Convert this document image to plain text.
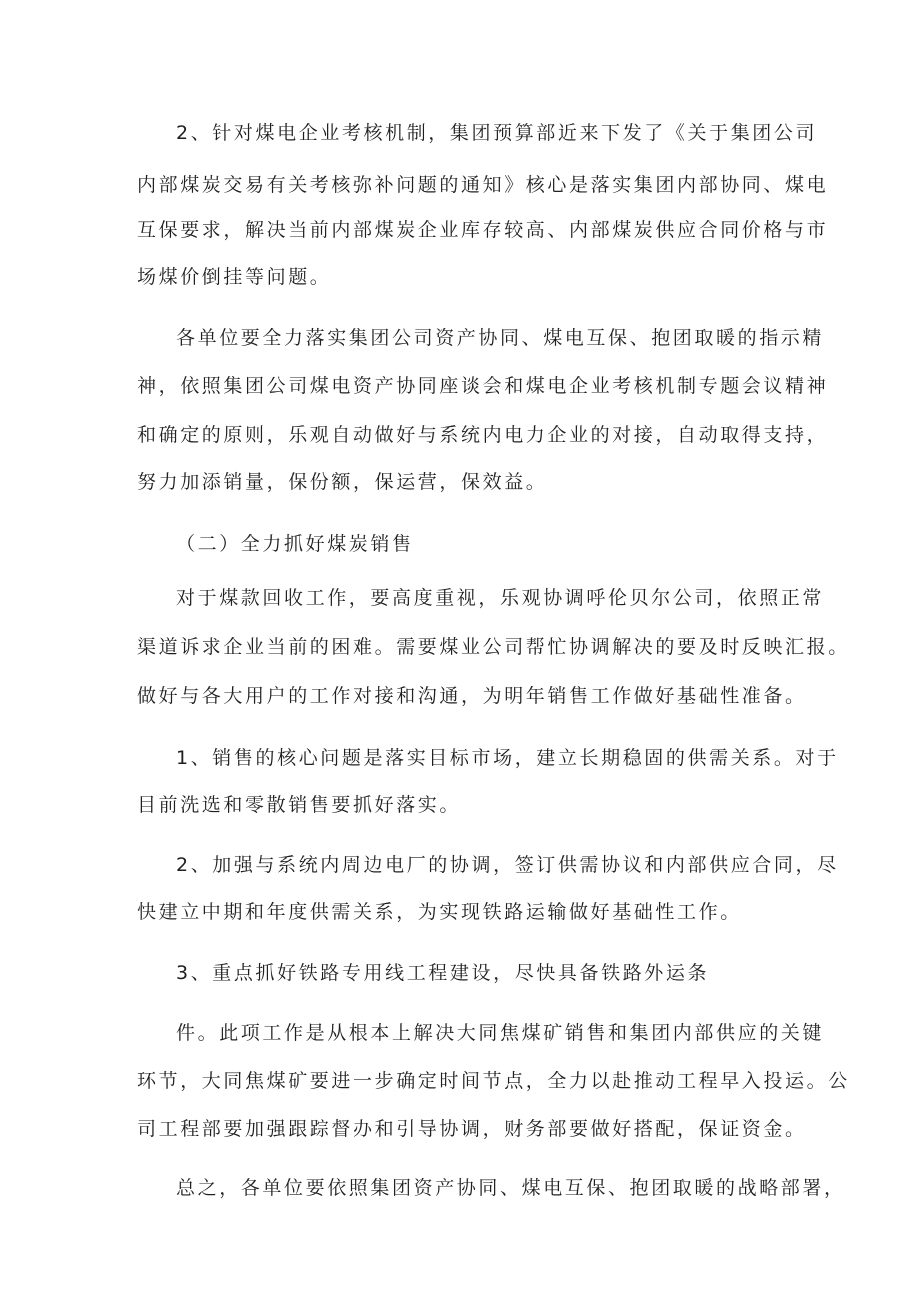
2、针对煤电企业考核机制，集团预算部近来下发了《关于集团公司
内部煤炭交易有关考核弥补问题的通知》核心是落实集团内部协同、煤电
互保要求，解决当前内部煤炭企业库存较高、内部煤炭供应合同价格与市
场煤价倒挂等问题。
各单位要全力落实集团公司资产协同、煤电互保、抱团取暖的指示精
神，依照集团公司煤电资产协同座谈会和煤电企业考核机制专题会议精神
和确定的原则，乐观自动做好与系统内电力企业的对接，自动取得支持，
努力加添销量，保份额，保运营，保效益。
（二）全力抓好煤炭销售
对于煤款回收工作，要高度重视，乐观协调呼伦贝尔公司，依照正常
渠道诉求企业当前的困难。需要煤业公司帮忙协调解决的要及时反映汇报。
做好与各大用户的工作对接和沟通，为明年销售工作做好基础性准备。
1、销售的核心问题是落实目标市场，建立长期稳固的供需关系。对于
目前洗选和零散销售要抓好落实。
2、加强与系统内周边电厂的协调，签订供需协议和内部供应合同，尽
快建立中期和年度供需关系，为实现铁路运输做好基础性工作。
3、重点抓好铁路专用线工程建设，尽快具备铁路外运条
件。此项工作是从根本上解决大同焦煤矿销售和集团内部供应的关键
环节，大同焦煤矿要进一步确定时间节点，全力以赴推动工程早入投运。公
司工程部要加强跟踪督办和引导协调，财务部要做好搭配，保证资金。
总之，各单位要依照集团资产协同、煤电互保、抱团取暖的战略部署，
